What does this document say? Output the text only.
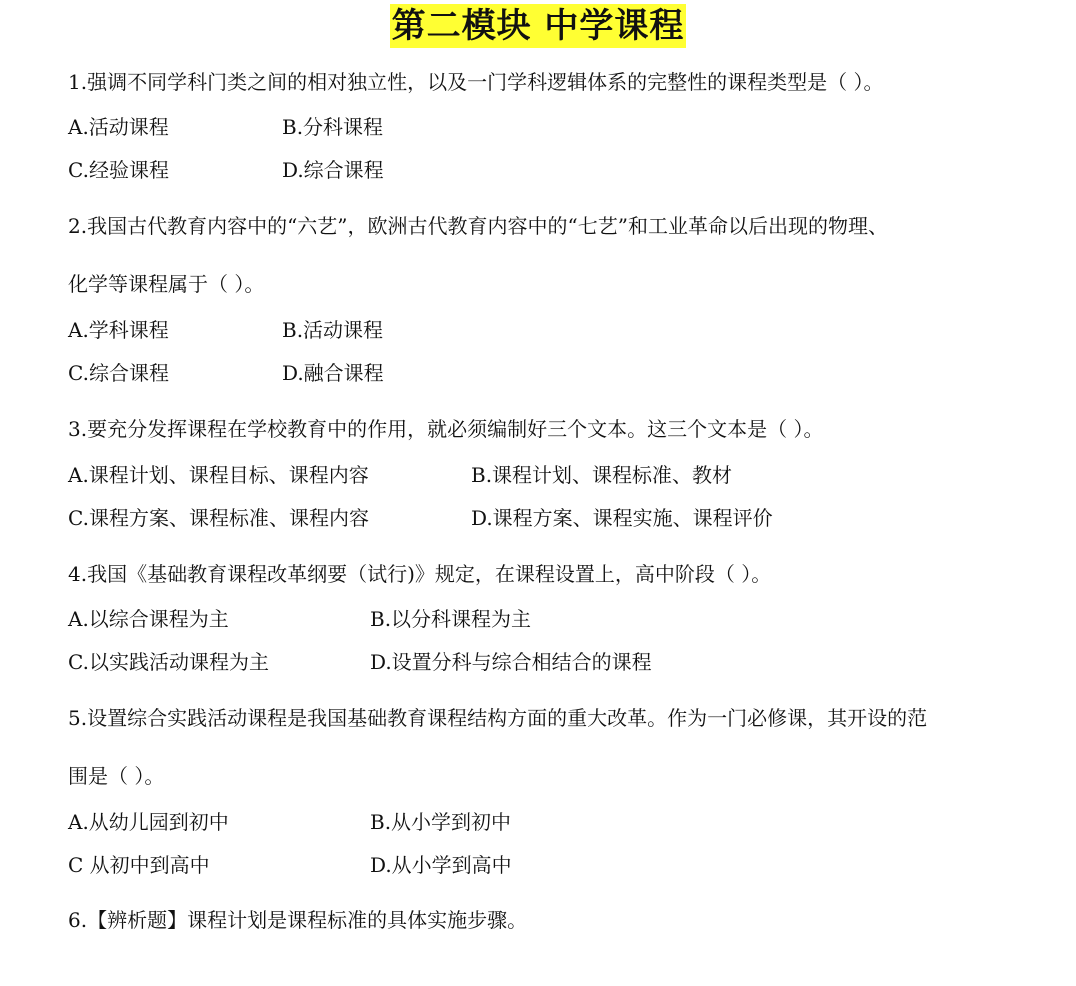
第二模块 中学课程
1.强调不同学科门类之间的相对独立性，以及一门学科逻辑体系的完整性的课程类型是（ ）。
A.活动课程	B.分科课程
C.经验课程	D.综合课程
2.我国古代教育内容中的“六艺”，欧洲古代教育内容中的“七艺”和工业革命以后出现的物理、
化学等课程属于（ ）。
A.学科课程	B.活动课程
C.综合课程	D.融合课程
3.要充分发挥课程在学校教育中的作用，就必须编制好三个文本。这三个文本是（ ）。
A.课程计划、课程目标、课程内容	B.课程计划、课程标准、教材
C.课程方案、课程标准、课程内容	D.课程方案、课程实施、课程评价
4.我国《基础教育课程改革纲要（试行)》规定，在课程设置上，高中阶段（ ）。
A.以综合课程为主	B.以分科课程为主
C.以实践活动课程为主	D.设置分科与综合相结合的课程
5.设置综合实践活动课程是我国基础教育课程结构方面的重大改革。作为一门必修课，其开设的范
围是（ ）。
A.从幼儿园到初中	B.从小学到初中
C 从初中到高中	D.从小学到高中
6.【辨析题】课程计划是课程标准的具体实施步骤。
